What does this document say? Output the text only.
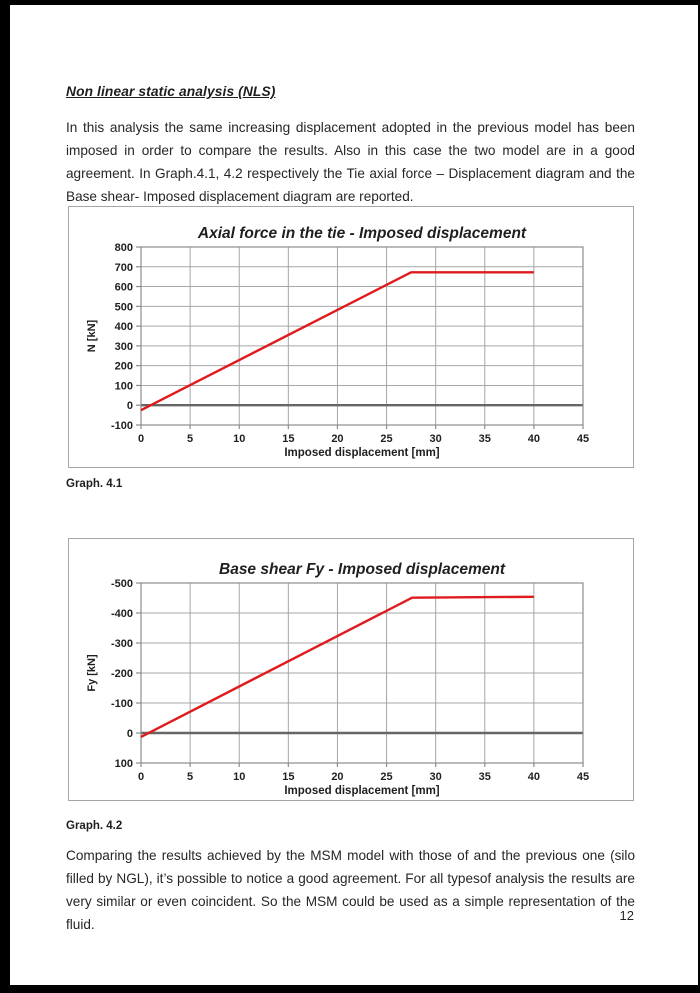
Non linear static analysis (NLS)

In this analysis the same increasing displacement adopted in the previous model has been imposed in order to compare the results. Also in this case the two model are in a good agreement. In Graph.4.1, 4.2 respectively the Tie axial force – Displacement diagram and the Base shear- Imposed displacement diagram are reported.

0	5	10	15	20	25	30	35	40	45
800
700
600
500
400
300
200
100
0
-100
Axial force in the tie - Imposed displacement
Imposed displacement [mm]
N [kN]
Graph. 4.1
0	5	10	15	20	25	30	35	40	45
-500
-400
-300
-200
-100
0
100
Base shear Fy - Imposed displacement
Imposed displacement [mm]
Fy [kN]
Graph. 4.2

Comparing the results achieved by the MSM model with those of and the previous one (silo filled by NGL), it’s possible to notice a good agreement. For all typesof analysis the results are very similar or even coincident. So the MSM could be used as a simple representation of the fluid.

12
